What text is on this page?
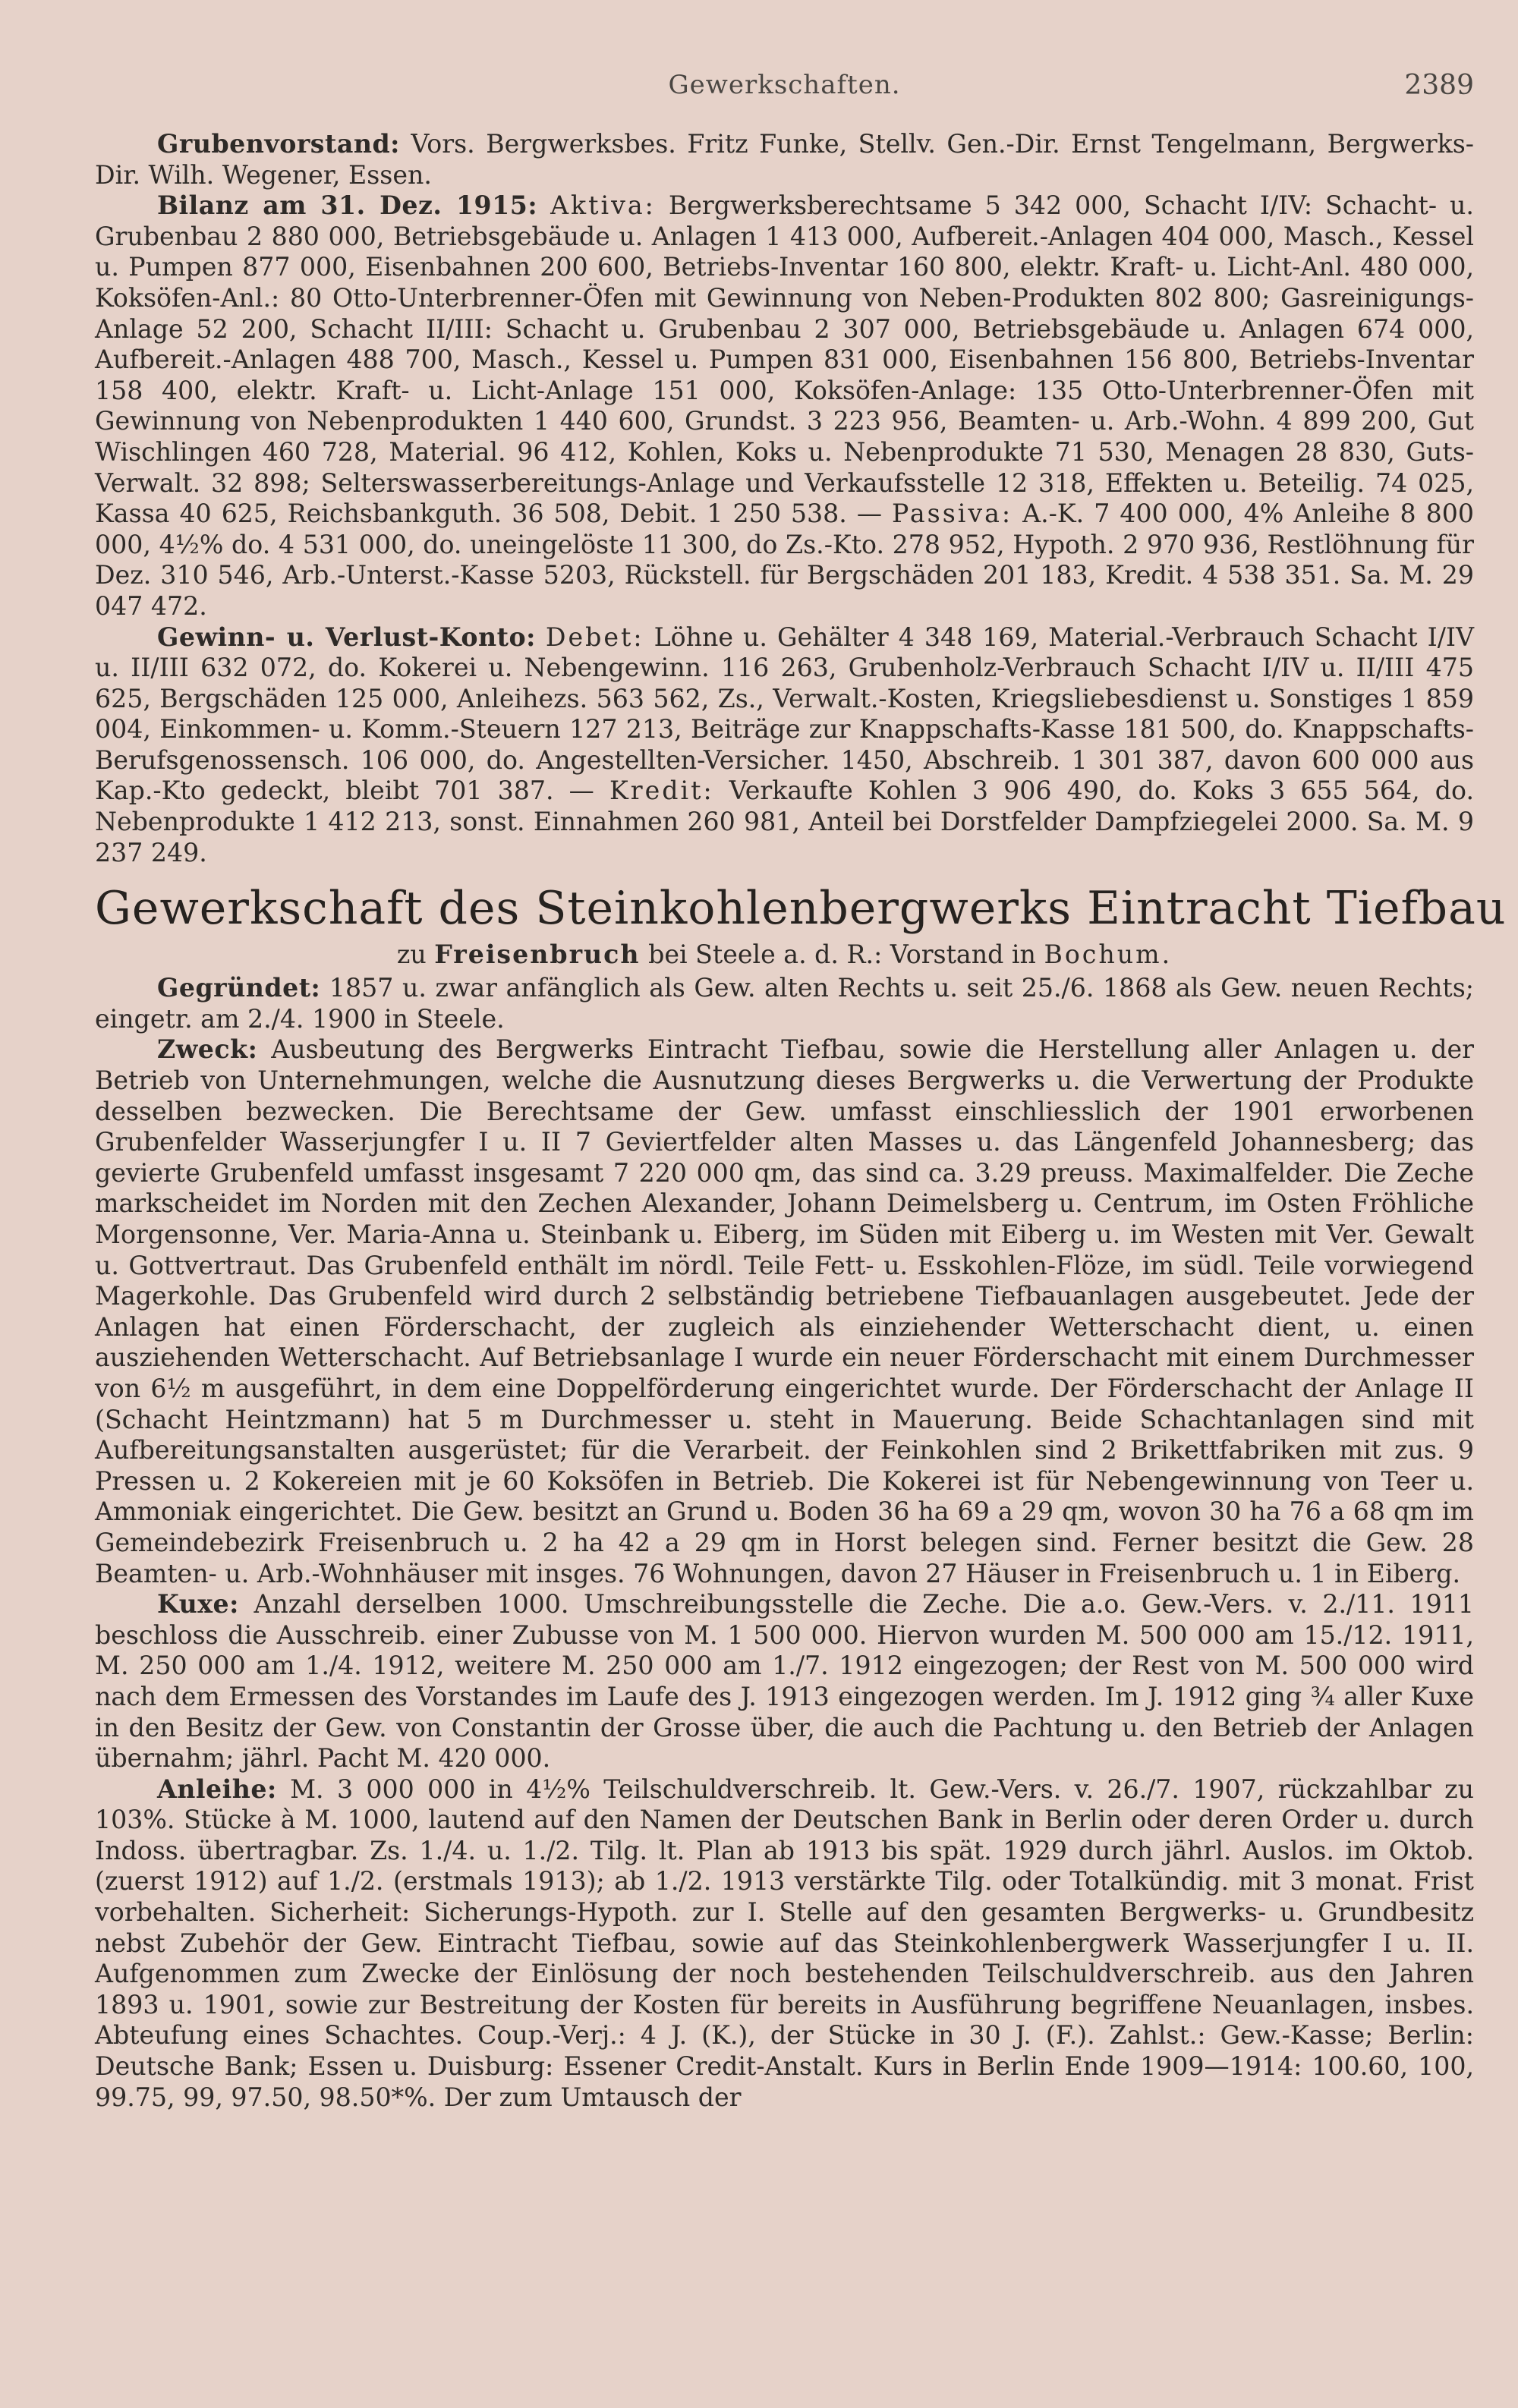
Gewerkschaften.	2389

Grubenvorstand: Vors. Bergwerksbes. Fritz Funke, Stellv. Gen.-Dir. Ernst Tengelmann, Bergwerks-Dir. Wilh. Wegener, Essen.

Bilanz am 31. Dez. 1915: Aktiva: Bergwerksberechtsame 5 342 000, Schacht I/IV: Schacht- u. Grubenbau 2 880 000, Betriebsgebäude u. Anlagen 1 413 000, Aufbereit.-Anlagen 404 000, Masch., Kessel u. Pumpen 877 000, Eisenbahnen 200 600, Betriebs-Inventar 160 800, elektr. Kraft- u. Licht-Anl. 480 000, Koksöfen-Anl.: 80 Otto-Unterbrenner-Öfen mit Gewinnung von Neben-Produkten 802 800; Gasreinigungs-Anlage 52 200, Schacht II/III: Schacht u. Grubenbau 2 307 000, Betriebsgebäude u. Anlagen 674 000, Aufbereit.-Anlagen 488 700, Masch., Kessel u. Pumpen 831 000, Eisenbahnen 156 800, Betriebs-Inventar 158 400, elektr. Kraft- u. Licht-Anlage 151 000, Koksöfen-Anlage: 135 Otto-Unterbrenner-Öfen mit Gewinnung von Nebenprodukten 1 440 600, Grundst. 3 223 956, Beamten- u. Arb.-Wohn. 4 899 200, Gut Wischlingen 460 728, Material. 96 412, Kohlen, Koks u. Nebenprodukte 71 530, Menagen 28 830, Guts-Verwalt. 32 898; Selterswasserbereitungs-Anlage und Verkaufsstelle 12 318, Effekten u. Beteilig. 74 025, Kassa 40 625, Reichsbankguth. 36 508, Debit. 1 250 538. — Passiva: A.-K. 7 400 000, 4% Anleihe 8 800 000, 4½% do. 4 531 000, do. uneingelöste 11 300, do Zs.-Kto. 278 952, Hypoth. 2 970 936, Restlöhnung für Dez. 310 546, Arb.-Unterst.-Kasse 5203, Rückstell. für Bergschäden 201 183, Kredit. 4 538 351. Sa. M. 29 047 472.

Gewinn- u. Verlust-Konto: Debet: Löhne u. Gehälter 4 348 169, Material.-Verbrauch Schacht I/IV u. II/III 632 072, do. Kokerei u. Nebengewinn. 116 263, Grubenholz-Verbrauch Schacht I/IV u. II/III 475 625, Bergschäden 125 000, Anleihezs. 563 562, Zs., Verwalt.-Kosten, Kriegsliebesdienst u. Sonstiges 1 859 004, Einkommen- u. Komm.-Steuern 127 213, Beiträge zur Knappschafts-Kasse 181 500, do. Knappschafts-Berufsgenossensch. 106 000, do. Angestellten-Versicher. 1450, Abschreib. 1 301 387, davon 600 000 aus Kap.-Kto gedeckt, bleibt 701 387. — Kredit: Verkaufte Kohlen 3 906 490, do. Koks 3 655 564, do. Nebenprodukte 1 412 213, sonst. Einnahmen 260 981, Anteil bei Dorstfelder Dampfziegelei 2000. Sa. M. 9 237 249.

Gewerkschaft des Steinkohlenbergwerks Eintracht Tiefbau
zu Freisenbruch bei Steele a. d. R.: Vorstand in Bochum.

Gegründet: 1857 u. zwar anfänglich als Gew. alten Rechts u. seit 25./6. 1868 als Gew. neuen Rechts; eingetr. am 2./4. 1900 in Steele.

Zweck: Ausbeutung des Bergwerks Eintracht Tiefbau, sowie die Herstellung aller Anlagen u. der Betrieb von Unternehmungen, welche die Ausnutzung dieses Bergwerks u. die Verwertung der Produkte desselben bezwecken. Die Berechtsame der Gew. umfasst einschliesslich der 1901 erworbenen Grubenfelder Wasserjungfer I u. II 7 Geviertfelder alten Masses u. das Längenfeld Johannesberg; das gevierte Grubenfeld umfasst insgesamt 7 220 000 qm, das sind ca. 3.29 preuss. Maximalfelder. Die Zeche markscheidet im Norden mit den Zechen Alexander, Johann Deimelsberg u. Centrum, im Osten Fröhliche Morgensonne, Ver. Maria-Anna u. Steinbank u. Eiberg, im Süden mit Eiberg u. im Westen mit Ver. Gewalt u. Gottvertraut. Das Grubenfeld enthält im nördl. Teile Fett- u. Esskohlen-Flöze, im südl. Teile vorwiegend Magerkohle. Das Grubenfeld wird durch 2 selbständig betriebene Tiefbauanlagen ausgebeutet. Jede der Anlagen hat einen Förderschacht, der zugleich als einziehender Wetterschacht dient, u. einen ausziehenden Wetterschacht. Auf Betriebsanlage I wurde ein neuer Förderschacht mit einem Durchmesser von 6½ m ausgeführt, in dem eine Doppelförderung eingerichtet wurde. Der Förderschacht der Anlage II (Schacht Heintzmann) hat 5 m Durchmesser u. steht in Mauerung. Beide Schachtanlagen sind mit Aufbereitungsanstalten ausgerüstet; für die Verarbeit. der Feinkohlen sind 2 Brikettfabriken mit zus. 9 Pressen u. 2 Kokereien mit je 60 Koksöfen in Betrieb. Die Kokerei ist für Nebengewinnung von Teer u. Ammoniak eingerichtet. Die Gew. besitzt an Grund u. Boden 36 ha 69 a 29 qm, wovon 30 ha 76 a 68 qm im Gemeindebezirk Freisenbruch u. 2 ha 42 a 29 qm in Horst belegen sind. Ferner besitzt die Gew. 28 Beamten- u. Arb.-Wohnhäuser mit insges. 76 Wohnungen, davon 27 Häuser in Freisenbruch u. 1 in Eiberg.

Kuxe: Anzahl derselben 1000. Umschreibungsstelle die Zeche. Die a.o. Gew.-Vers. v. 2./11. 1911 beschloss die Ausschreib. einer Zubusse von M. 1 500 000. Hiervon wurden M. 500 000 am 15./12. 1911, M. 250 000 am 1./4. 1912, weitere M. 250 000 am 1./7. 1912 eingezogen; der Rest von M. 500 000 wird nach dem Ermessen des Vorstandes im Laufe des J. 1913 eingezogen werden. Im J. 1912 ging ¾ aller Kuxe in den Besitz der Gew. von Constantin der Grosse über, die auch die Pachtung u. den Betrieb der Anlagen übernahm; jährl. Pacht M. 420 000.

Anleihe: M. 3 000 000 in 4½% Teilschuldverschreib. lt. Gew.-Vers. v. 26./7. 1907, rückzahlbar zu 103%. Stücke à M. 1000, lautend auf den Namen der Deutschen Bank in Berlin oder deren Order u. durch Indoss. übertragbar. Zs. 1./4. u. 1./2. Tilg. lt. Plan ab 1913 bis spät. 1929 durch jährl. Auslos. im Oktob. (zuerst 1912) auf 1./2. (erstmals 1913); ab 1./2. 1913 verstärkte Tilg. oder Totalkündig. mit 3 monat. Frist vorbehalten. Sicherheit: Sicherungs-Hypoth. zur I. Stelle auf den gesamten Bergwerks- u. Grundbesitz nebst Zubehör der Gew. Eintracht Tiefbau, sowie auf das Steinkohlenbergwerk Wasserjungfer I u. II. Aufgenommen zum Zwecke der Einlösung der noch bestehenden Teilschuldverschreib. aus den Jahren 1893 u. 1901, sowie zur Bestreitung der Kosten für bereits in Ausführung begriffene Neuanlagen, insbes. Abteufung eines Schachtes. Coup.-Verj.: 4 J. (K.), der Stücke in 30 J. (F.). Zahlst.: Gew.-Kasse; Berlin: Deutsche Bank; Essen u. Duisburg: Essener Credit-Anstalt. Kurs in Berlin Ende 1909—1914: 100.60, 100, 99.75, 99, 97.50, 98.50*%. Der zum Umtausch der
